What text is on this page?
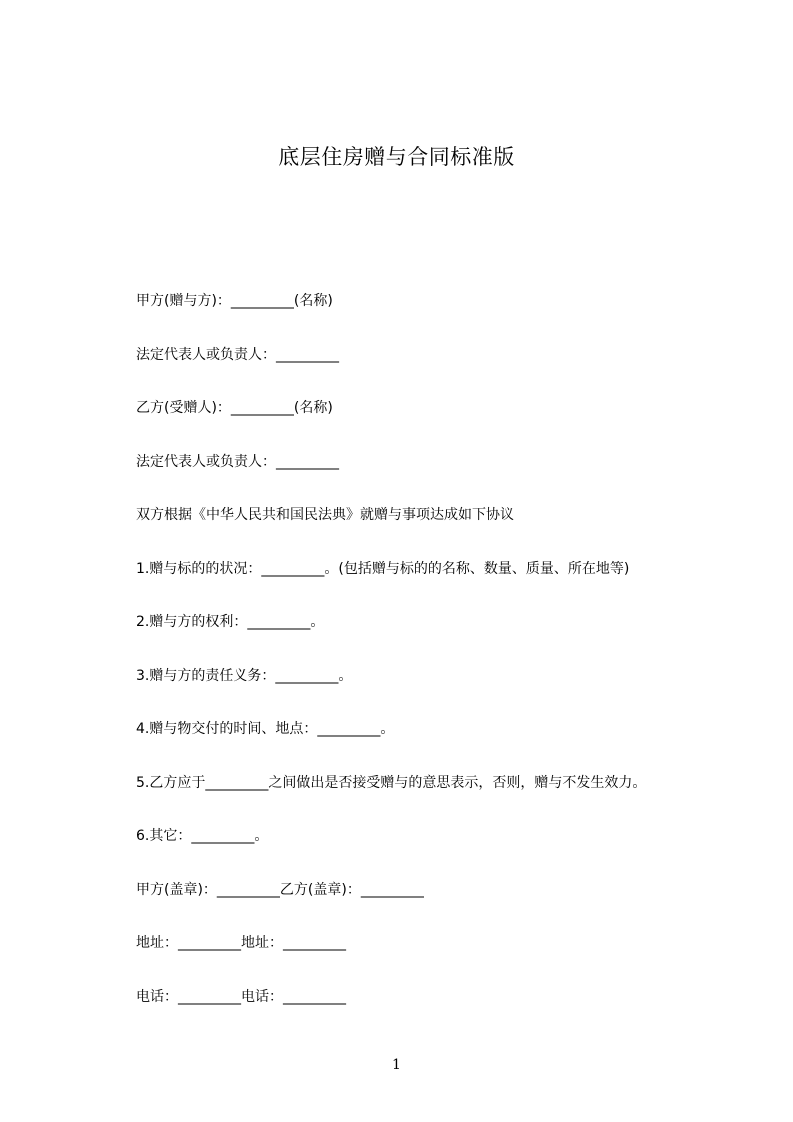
底层住房赠与合同标准版
甲方(赠与方)：_________(名称)
法定代表人或负责人：_________
乙方(受赠人)：_________(名称)
法定代表人或负责人：_________
双方根据《中华人民共和国民法典》就赠与事项达成如下协议
1.赠与标的的状况：_________。(包括赠与标的的名称、数量、质量、所在地等)
2.赠与方的权利：_________。
3.赠与方的责任义务：_________。
4.赠与物交付的时间、地点：_________。
5.乙方应于_________之间做出是否接受赠与的意思表示，否则，赠与不发生效力。
6.其它：_________。
甲方(盖章)：_________乙方(盖章)：_________
地址：_________地址：_________
电话：_________电话：_________
1
